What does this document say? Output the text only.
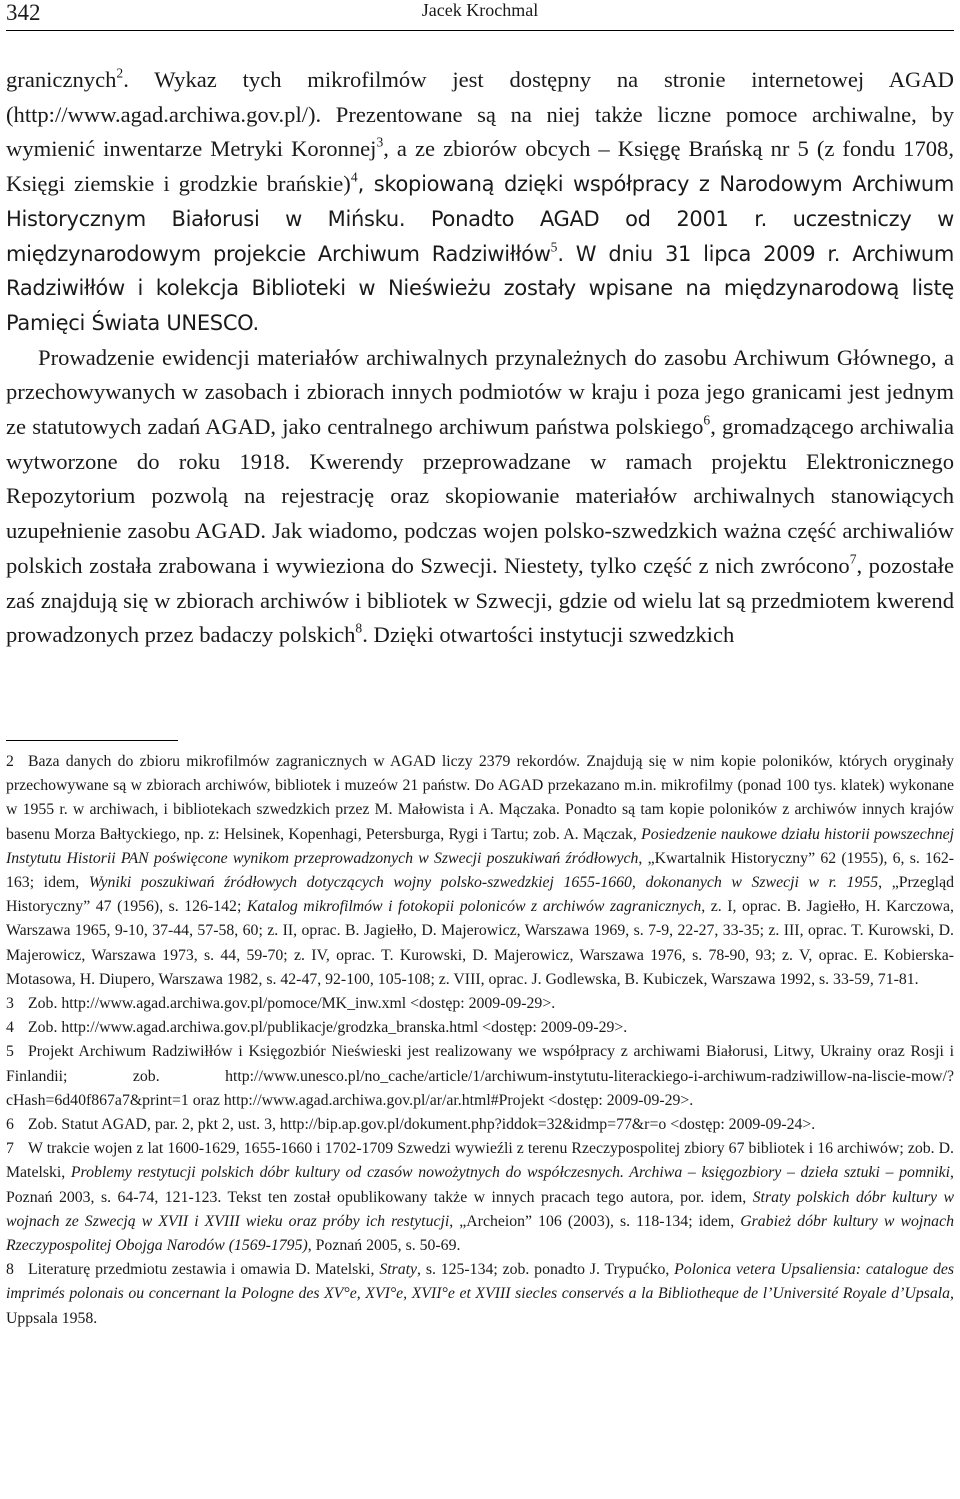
342	Jacek Krochmal

granicznych$^2$. Wykaz tych mikrofilmów jest dostępny na stronie internetowej AGAD (http://www.agad.archiwa.gov.pl/). Prezentowane są na niej także liczne pomoce archiwalne, by wymienić inwentarze Metryki Koronnej$^3$, a ze zbiorów obcych – Księgę Brańską nr 5 (z fondu 1708, Księgi ziemskie i grodzkie brańskie)$^4$, skopiowaną dzięki współpracy z Narodowym Archiwum Historycznym Białorusi w Mińsku. Ponadto AGAD od 2001 r. uczestniczy w międzynarodowym projekcie Archiwum Radziwiłłów$^5$. W dniu 31 lipca 2009 r. Archiwum Radziwiłłów i kolekcja Biblioteki w Nieświeżu zostały wpisane na międzynarodową listę Pamięci Świata UNESCO.

Prowadzenie ewidencji materiałów archiwalnych przynależnych do zasobu Archiwum Głównego, a przechowywanych w zasobach i zbiorach innych podmiotów w kraju i poza jego granicami jest jednym ze statutowych zadań AGAD, jako centralnego archiwum państwa polskiego$^6$, gromadzącego archiwalia wytworzone do roku 1918. Kwerendy przeprowadzane w ramach projektu Elektronicznego Repozytorium pozwolą na rejestrację oraz skopiowanie materiałów archiwalnych stanowiących uzupełnienie zasobu AGAD. Jak wiadomo, podczas wojen polsko-szwedzkich ważna część archiwaliów polskich została zrabowana i wywieziona do Szwecji. Niestety, tylko część z nich zwrócono$^7$, pozostałe zaś znajdują się w zbiorach archiwów i bibliotek w Szwecji, gdzie od wielu lat są przedmiotem kwerend prowadzonych przez badaczy polskich$^8$. Dzięki otwartości instytucji szwedzkich

2 Baza danych do zbioru mikrofilmów zagranicznych w AGAD liczy 2379 rekordów. Znajdują się w nim kopie poloników, których oryginały przechowywane są w zbiorach archiwów, bibliotek i muzeów 21 państw. Do AGAD przekazano m.in. mikrofilmy (ponad 100 tys. klatek) wykonane w 1955 r. w archiwach, i bibliotekach szwedzkich przez M. Małowista i A. Mączaka. Ponadto są tam kopie poloników z archiwów innych krajów basenu Morza Bałtyckiego, np. z: Helsinek, Kopenhagi, Petersburga, Rygi i Tartu; zob. A. Mączak, Posiedzenie naukowe działu historii powszechnej Instytutu Historii PAN poświęcone wynikom przeprowadzonych w Szwecji poszukiwań źródłowych, „Kwartalnik Historyczny” 62 (1955), 6, s. 162-163; idem, Wyniki poszukiwań źródłowych dotyczących wojny polsko-szwedzkiej 1655-1660, dokonanych w Szwecji w r. 1955, „Przegląd Historyczny” 47 (1956), s. 126-142; Katalog mikrofilmów i fotokopii poloniców z archiwów zagranicznych, z. I, oprac. B. Jagiełło, H. Karczowa, Warszawa 1965, 9-10, 37-44, 57-58, 60; z. II, oprac. B. Jagiełło, D. Majerowicz, Warszawa 1969, s. 7-9, 22-27, 33-35; z. III, oprac. T. Kurowski, D. Majerowicz, Warszawa 1973, s. 44, 59-70; z. IV, oprac. T. Kurowski, D. Majerowicz, Warszawa 1976, s. 78-90, 93; z. V, oprac. E. Kobierska-Motasowa, H. Diupero, Warszawa 1982, s. 42-47, 92-100, 105-108; z. VIII, oprac. J. Godlewska, B. Kubiczek, Warszawa 1992, s. 33-59, 71-81.

3 Zob. http://www.agad.archiwa.gov.pl/pomoce/MK_inw.xml <dostęp: 2009-09-29>.

4 Zob. http://www.agad.archiwa.gov.pl/publikacje/grodzka_branska.html <dostęp: 2009-09-29>.

5 Projekt Archiwum Radziwiłłów i Księgozbiór Nieświeski jest realizowany we współpracy z archiwami Białorusi, Litwy, Ukrainy oraz Rosji i Finlandii; zob. http://www.unesco.pl/no_cache/article/1/archiwum-instytutu-literackiego-i-archiwum-radziwillow-na-liscie-mow/?cHash=6d40f867a7&print=1 oraz http://www.agad.archiwa.gov.pl/ar/ar.html#Projekt <dostęp: 2009-09-29>.

6 Zob. Statut AGAD, par. 2, pkt 2, ust. 3, http://bip.ap.gov.pl/dokument.php?iddok=32&idmp=77&r=o <dostęp: 2009-09-24>.

7 W trakcie wojen z lat 1600-1629, 1655-1660 i 1702-1709 Szwedzi wywieźli z terenu Rzeczypospolitej zbiory 67 bibliotek i 16 archiwów; zob. D. Matelski, Problemy restytucji polskich dóbr kultury od czasów nowożytnych do współczesnych. Archiwa – księgozbiory – dzieła sztuki – pomniki, Poznań 2003, s. 64-74, 121-123. Tekst ten został opublikowany także w innych pracach tego autora, por. idem, Straty polskich dóbr kultury w wojnach ze Szwecją w XVII i XVIII wieku oraz próby ich restytucji, „Archeion” 106 (2003), s. 118-134; idem, Grabież dóbr kultury w wojnach Rzeczypospolitej Obojga Narodów (1569-1795), Poznań 2005, s. 50-69.

8 Literaturę przedmiotu zestawia i omawia D. Matelski, Straty, s. 125-134; zob. ponadto J. Trypućko, Polonica vetera Upsaliensia: catalogue des imprimés polonais ou concernant la Pologne des XV°e, XVI°e, XVII°e et XVIII siecles conservés a la Bibliotheque de l’Université Royale d’Upsala, Uppsala 1958.
